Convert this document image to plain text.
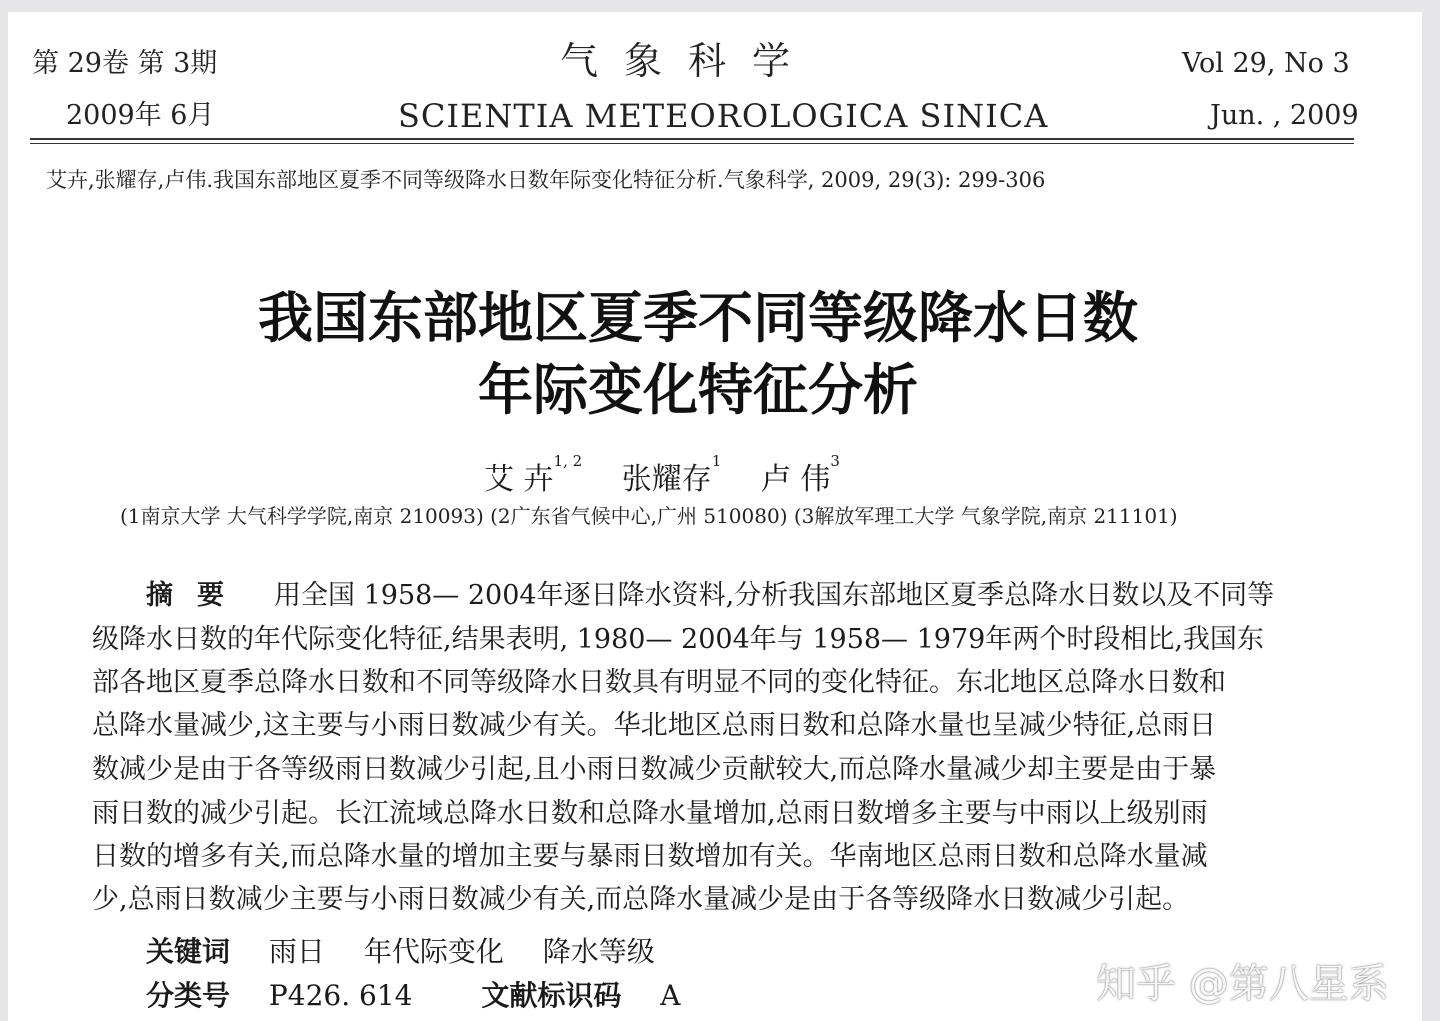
第 29卷 第 3期
2009年 6月
气象科学
SCIENTIA METEOROLOGICA SINICA
Vol 29, No 3
Jun. , 2009
艾卉,张耀存,卢伟.我国东部地区夏季不同等级降水日数年际变化特征分析.气象科学, 2009, 29(3): 299-306
我国东部地区夏季不同等级降水日数
年际变化特征分析
艾 卉$^{1, 2}$ 张耀存$^1$ 卢 伟$^3$
(1南京大学 大气科学学院,南京 210093) (2广东省气候中心,广州 510080) (3解放军理工大学 气象学院,南京 211101)
摘要 用全国 1958— 2004年逐日降水资料,分析我国东部地区夏季总降水日数以及不同等
级降水日数的年代际变化特征,结果表明, 1980— 2004年与 1958— 1979年两个时段相比,我国东
部各地区夏季总降水日数和不同等级降水日数具有明显不同的变化特征。东北地区总降水日数和
总降水量减少,这主要与小雨日数减少有关。华北地区总雨日数和总降水量也呈减少特征,总雨日
数减少是由于各等级雨日数减少引起,且小雨日数减少贡献较大,而总降水量减少却主要是由于暴
雨日数的减少引起。长江流域总降水日数和总降水量增加,总雨日数增多主要与中雨以上级别雨
日数的增多有关,而总降水量的增加主要与暴雨日数增加有关。华南地区总雨日数和总降水量减
少,总雨日数减少主要与小雨日数减少有关,而总降水量减少是由于各等级降水日数减少引起。
关键词 雨日 年代际变化 降水等级
分类号 P426. 614 文献标识码 A	知乎 @第八星系
